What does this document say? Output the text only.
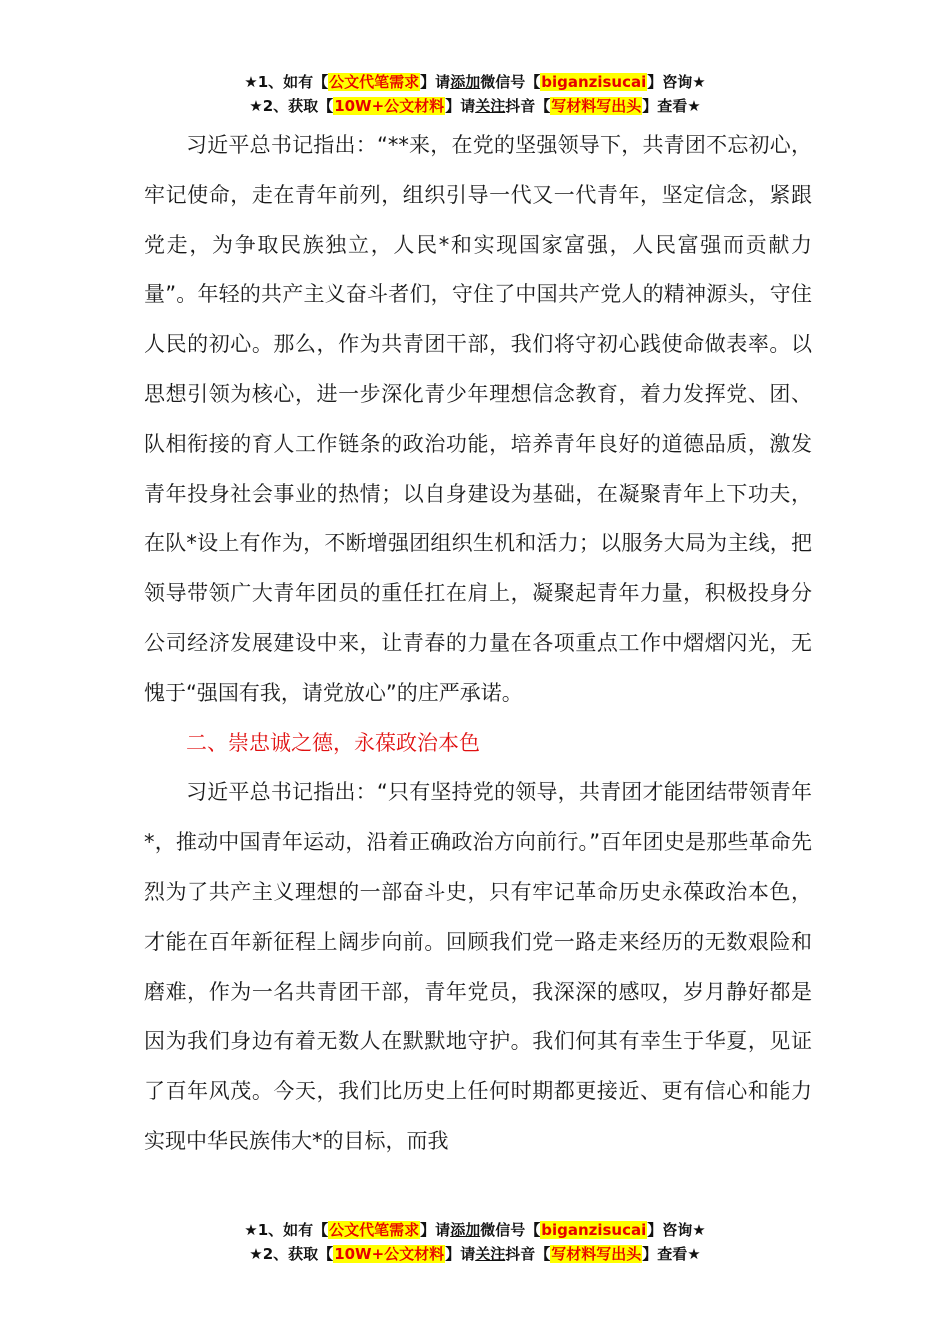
★1、如有【公文代笔需求】请添加微信号【biganzisucai】咨询★
★2、获取【10W+公文材料】请关注抖音【写材料写出头】查看★

习近平总书记指出：“**来，在党的坚强领导下，共青团不忘初心，牢记使命，走在青年前列，组织引导一代又一代青年，坚定信念，紧跟党走，为争取民族独立，人民*和实现国家富强，人民富强而贡献力量”。年轻的共产主义奋斗者们，守住了中国共产党人的精神源头，守住人民的初心。那么，作为共青团干部，我们将守初心践使命做表率。以思想引领为核心，进一步深化青少年理想信念教育，着力发挥党、团、队相衔接的育人工作链条的政治功能，培养青年良好的道德品质，激发青年投身社会事业的热情；以自身建设为基础，在凝聚青年上下功夫，在队*设上有作为，不断增强团组织生机和活力；以服务大局为主线，把领导带领广大青年团员的重任扛在肩上，凝聚起青年力量，积极投身分公司经济发展建设中来，让青春的力量在各项重点工作中熠熠闪光，无愧于“强国有我，请党放心”的庄严承诺。

二、崇忠诚之德，永葆政治本色

习近平总书记指出：“只有坚持党的领导，共青团才能团结带领青年*，推动中国青年运动，沿着正确政治方向前行。”百年团史是那些革命先烈为了共产主义理想的一部奋斗史，只有牢记革命历史永葆政治本色，才能在百年新征程上阔步向前。回顾我们党一路走来经历的无数艰险和磨难，作为一名共青团干部，青年党员，我深深的感叹，岁月静好都是因为我们身边有着无数人在默默地守护。我们何其有幸生于华夏，见证了百年风茂。今天，我们比历史上任何时期都更接近、更有信心和能力实现中华民族伟大*的目标，而我

★1、如有【公文代笔需求】请添加微信号【biganzisucai】咨询★
★2、获取【10W+公文材料】请关注抖音【写材料写出头】查看★
